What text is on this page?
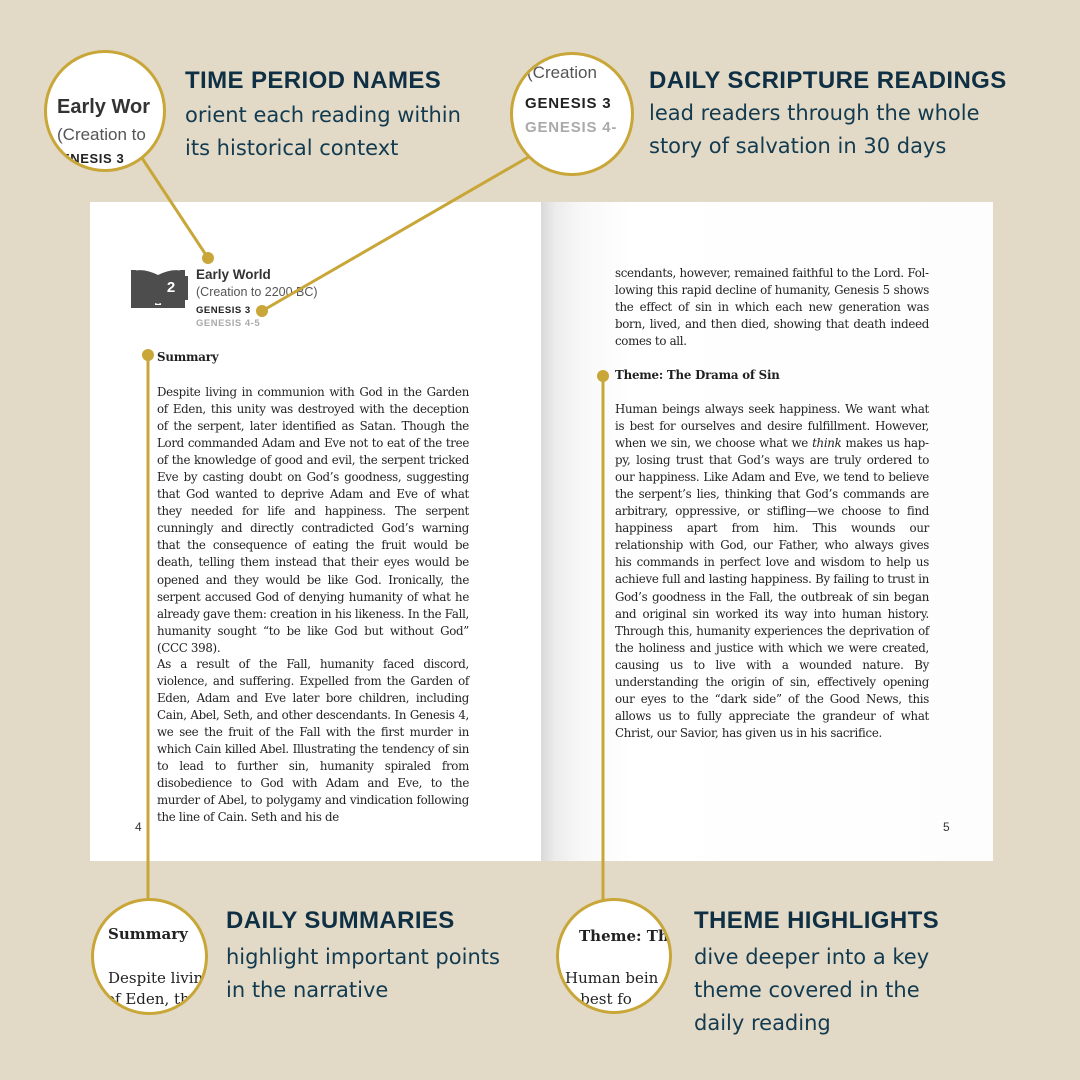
2
Early World
(Creation to 2200 BC)
GENESIS 3
GENESIS 4-5
Summary

Despite living in communion with God in the Garden of Eden, this unity was destroyed with the deception of the serpent, later identified as Satan. Though the Lord commanded Adam and Eve not to eat of the tree of the knowledge of good and evil, the serpent tricked Eve by casting doubt on God’s goodness, suggesting that God wanted to deprive Adam and Eve of what they needed for life and happiness. The serpent cunningly and directly contradicted God’s warning that the consequence of eating the fruit would be death, telling them instead that their eyes would be opened and they would be like God. Ironically, the serpent accused God of denying humanity of what he already gave them: creation in his likeness. In the Fall, humanity sought “to be like God but without God” (CCC 398).

As a result of the Fall, humanity faced discord, violence, and suffering. Expelled from the Garden of Eden, Adam and Eve later bore children, including Cain, Abel, Seth, and other descendants. In Genesis 4, we see the fruit of the Fall with the first murder in which Cain killed Abel. Illustrating the tendency of sin to lead to further sin, humanity spiraled from disobedience to God with Adam and Eve, to the murder of Abel, to polygamy and vindication following the line of Cain. Seth and his de

4

scendants, however, remained faithful to the Lord. Following this rapid decline of humanity, Genesis 5 shows the effect of sin in which each new generation was born, lived, and then died, showing that death indeed comes to all.

Theme: The Drama of Sin

Human beings always seek happiness. We want what is best for ourselves and desire fulfillment. However, when we sin, we choose what we think makes us happy, losing trust that God’s ways are truly ordered to our happiness. Like Adam and Eve, we tend to believe the serpent’s lies, thinking that God’s commands are arbitrary, oppressive, or stifling—we choose to find happiness apart from him. This wounds our relationship with God, our Father, who always gives his commands in perfect love and wisdom to help us achieve full and lasting happiness. By failing to trust in God’s goodness in the Fall, the outbreak of sin began and original sin worked its way into human history. Through this, humanity experiences the deprivation of the holiness and justice with which we were created, causing us to live with a wounded nature. By understanding the origin of sin, effectively opening our eyes to the “dark side” of the Good News, this allows us to fully appreciate the grandeur of what Christ, our Savior, has given us in his sacrifice.

5
Early Wor
(Creation to
ENESIS 3
(Creation
GENESIS 3
GENESIS 4-
Summary
Despite livin
of Eden, th
Theme: Th
Human bein
is best fo
TIME PERIOD NAMES
orient each reading within
its historical context
DAILY SCRIPTURE READINGS
lead readers through the whole
story of salvation in 30 days
DAILY SUMMARIES
highlight important points
in the narrative
THEME HIGHLIGHTS
dive deeper into a key
theme covered in the
daily reading
